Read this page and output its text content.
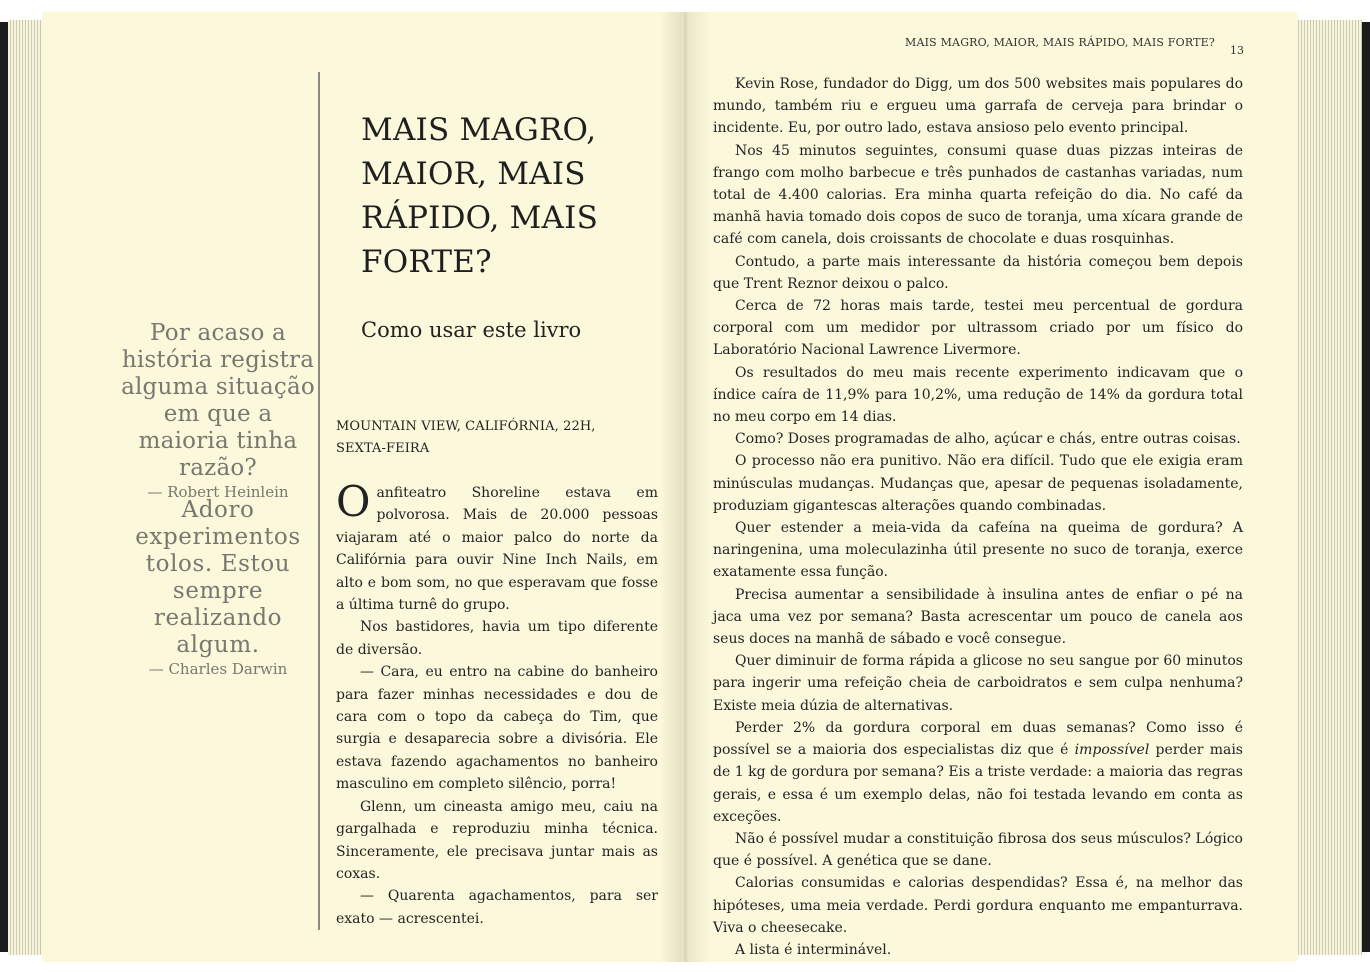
Por acaso a história registra alguma situação em que a maioria tinha razão?
— Robert Heinlein
Adoro experimentos tolos. Estou sempre realizando algum.
— Charles Darwin
MAIS MAGRO, MAIOR, MAIS RÁPIDO, MAIS FORTE?
Como usar este livro
MOUNTAIN VIEW, CALIFÓRNIA, 22H,
SEXTA-FEIRA

Oanfiteatro Shoreline estava em polvorosa. Mais de 20.000 pessoas viajaram até o maior palco do norte da Califórnia para ouvir Nine Inch Nails, em alto e bom som, no que esperavam que fosse a última turnê do grupo.

Nos bastidores, havia um tipo diferente de diversão.

— Cara, eu entro na cabine do banheiro para fazer minhas necessidades e dou de cara com o topo da cabeça do Tim, que surgia e desaparecia sobre a divisória. Ele estava fazendo agachamentos no banheiro masculino em completo silêncio, porra!

Glenn, um cineasta amigo meu, caiu na gargalhada e reproduziu minha técnica. Sinceramente, ele precisava juntar mais as coxas.

— Quarenta agachamentos, para ser exato — acrescentei.

MAIS MAGRO, MAIOR, MAIS RÁPIDO, MAIS FORTE?
13

Kevin Rose, fundador do Digg, um dos 500 websites mais populares do mundo, também riu e ergueu uma garrafa de cerveja para brindar o incidente. Eu, por outro lado, estava ansioso pelo evento principal.

Nos 45 minutos seguintes, consumi quase duas pizzas inteiras de frango com molho barbecue e três punhados de castanhas variadas, num total de 4.400 calorias. Era minha quarta refeição do dia. No café da manhã havia tomado dois copos de suco de toranja, uma xícara grande de café com canela, dois croissants de chocolate e duas rosquinhas.

Contudo, a parte mais interessante da história começou bem depois que Trent Reznor deixou o palco.

Cerca de 72 horas mais tarde, testei meu percentual de gordura corporal com um medidor por ultrassom criado por um físico do Laboratório Nacional Lawrence Livermore.

Os resultados do meu mais recente experimento indicavam que o índice caíra de 11,9% para 10,2%, uma redução de 14% da gordura total no meu corpo em 14 dias.

Como? Doses programadas de alho, açúcar e chás, entre outras coisas.

O processo não era punitivo. Não era difícil. Tudo que ele exigia eram minúsculas mudanças. Mudanças que, apesar de pequenas isoladamente, produziam gigantescas alterações quando combinadas.

Quer estender a meia-vida da cafeína na queima de gordura? A naringenina, uma moleculazinha útil presente no suco de toranja, exerce exatamente essa função.

Precisa aumentar a sensibilidade à insulina antes de enfiar o pé na jaca uma vez por semana? Basta acrescentar um pouco de canela aos seus doces na manhã de sábado e você consegue.

Quer diminuir de forma rápida a glicose no seu sangue por 60 minutos para ingerir uma refeição cheia de carboidratos e sem culpa nenhuma? Existe meia dúzia de alternativas.

Perder 2% da gordura corporal em duas semanas? Como isso é possível se a maioria dos especialistas diz que é impossível perder mais de 1 kg de gordura por semana? Eis a triste verdade: a maioria das regras gerais, e essa é um exemplo delas, não foi testada levando em conta as exceções.

Não é possível mudar a constituição fibrosa dos seus músculos? Lógico que é possível. A genética que se dane.

Calorias consumidas e calorias despendidas? Essa é, na melhor das hipóteses, uma meia verdade. Perdi gordura enquanto me empanturrava. Viva o cheesecake.

A lista é interminável.
